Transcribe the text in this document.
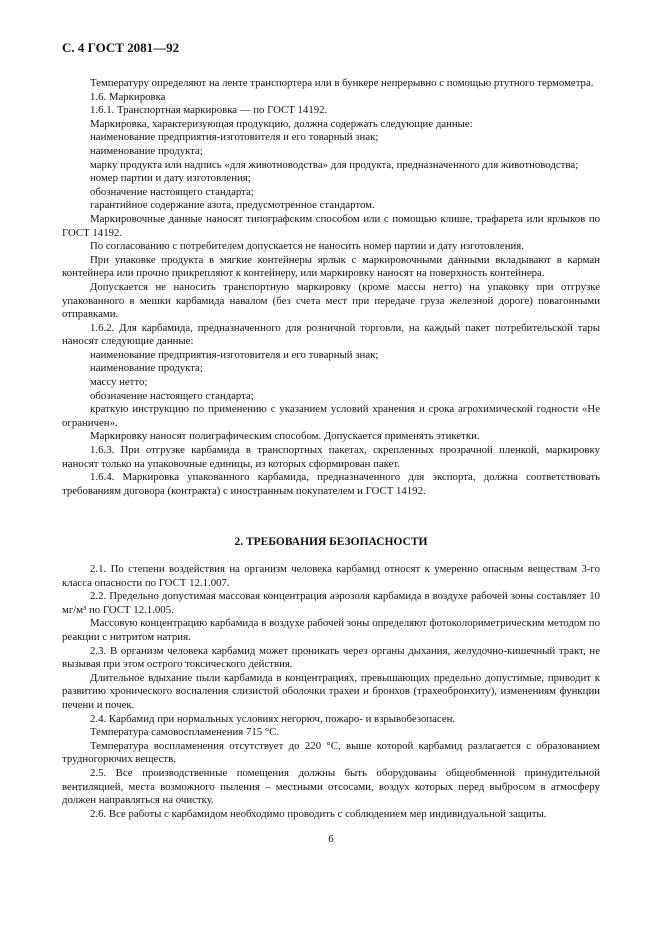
С. 4 ГОСТ 2081—92

Температуру определяют на ленте транспортера или в бункере непрерывно с помощью ртутного термометра.

1.6. Маркировка

1.6.1. Транспортная маркировка — по ГОСТ 14192.

Маркировка, характеризующая продукцию, должна содержать следующие данные:

наименование предприятия-изготовителя и его товарный знак;

наименование продукта;

марку продукта или надпись «для животноводства» для продукта, предназначенного для животноводства;

номер партии и дату изготовления;

обозначение настоящего стандарта;

гарантийное содержание азота, предусмотренное стандартом.

Маркировочные данные наносят типографским способом или с помощью клише, трафарета или ярлыков по ГОСТ 14192.

По согласованию с потребителем допускается не наносить номер партии и дату изготовления.

При упаковке продукта в мягкие контейнеры ярлык с маркировочными данными вкладывают в карман контейнера или прочно прикрепляют к контейнеру, или маркировку наносят на поверхность контейнера.

Допускается не наносить транспортную маркировку (кроме массы нетто) на упаковку при отгрузке упакованного в мешки карбамида навалом (без счета мест при передаче груза железной дороге) повагонными отправками.

1.6.2. Для карбамида, предназначенного для розничной торговли, на каждый пакет потребительской тары наносят следующие данные:

наименование предприятия-изготовителя и его товарный знак;

наименование продукта;

массу нетто;

обозначение настоящего стандарта;

краткую инструкцию по применению с указанием условий хранения и срока агрохимической годности «Не ограничен».

Маркировку наносят полиграфическим способом. Допускается применять этикетки.

1.6.3. При отгрузке карбамида в транспортных пакетах, скрепленных прозрачной пленкой, маркировку наносят только на упаковочные единицы, из которых сформирован пакет.

1.6.4. Маркировка упакованного карбамида, предназначенного для экспорта, должна соответствовать требованиям договора (контракта) с иностранным покупателем и ГОСТ 14192.

2. ТРЕБОВАНИЯ БЕЗОПАСНОСТИ

2.1. По степени воздействия на организм человека карбамид относят к умеренно опасным веществам 3-го класса опасности по ГОСТ 12.1.007.

2.2. Предельно допустимая массовая концентрация аэрозоля карбамида в воздухе рабочей зоны составляет 10 мг/м³ по ГОСТ 12.1.005.

Массовую концентрацию карбамида в воздухе рабочей зоны определяют фотоколориметрическим методом по реакции с нитритом натрия.

2.3. В организм человека карбамид может проникать через органы дыхания, желудочно-кишечный тракт, не вызывая при этом острого токсического действия.

Длительное вдыхание пыли карбамида в концентрациях, превышающих предельно допустимые, приводит к развитию хронического воспаления слизистой оболочки трахеи и бронхов (трахеобронхиту), изменениям функции печени и почек.

2.4. Карбамид при нормальных условиях негорюч, пожаро- и взрывобезопасен.

Температура самовоспламенения 715 °С.

Температура воспламенения отсутствует до 220 °С, выше которой карбамид разлагается с образованием трудногорючих веществ.

2.5. Все производственные помещения должны быть оборудованы общеобменной принудительной вентиляцией, места возможного пыления – местными отсосами, воздух которых перед выбросом в атмосферу должен направляться на очистку.

2.6. Все работы с карбамидом необходимо проводить с соблюдением мер индивидуальной защиты.

6
